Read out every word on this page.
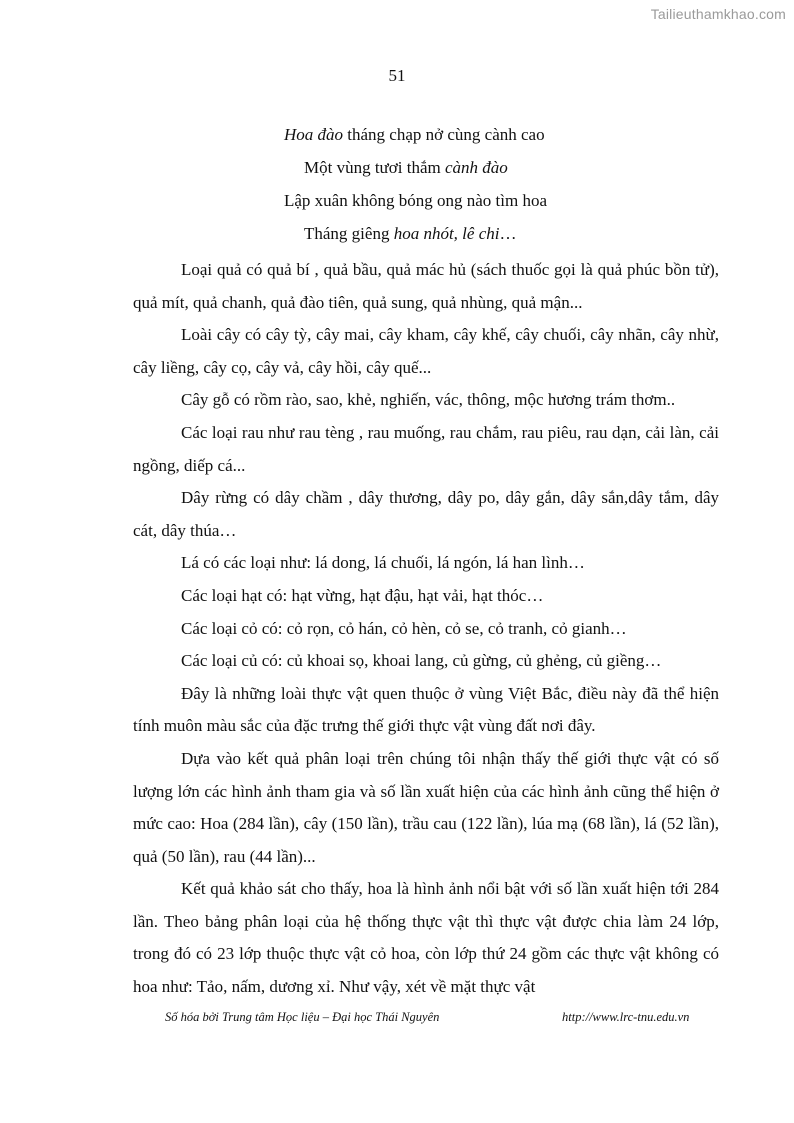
Tailieuthamkhao.com
51
Hoa đào tháng chạp nở cùng cành cao
Một vùng tươi thắm cành đào
Lập xuân không bóng ong nào tìm hoa
Tháng giêng hoa nhót, lê chi…

Loại quả có quả bí , quả bầu, quả mác hủ (sách thuốc gọi là quả phúc bồn tử), quả mít, quả chanh, quả đào tiên, quả sung, quả nhùng, quả mận...

Loài cây có cây tỳ, cây mai, cây kham, cây khế, cây chuối, cây nhãn, cây nhừ, cây liềng, cây cọ, cây vả, cây hồi, cây quế...

Cây gỗ có rồm rào, sao, khẻ, nghiến, vác, thông, mộc hương trám thơm..

Các loại rau như rau tèng , rau muống, rau chắm, rau piêu, rau dạn, cải làn, cải ngồng, diếp cá...

Dây rừng có dây chầm , dây thương, dây po, dây gắn, dây sắn,dây tắm, dây cát, dây thúa…

Lá có các loại như: lá dong, lá chuối, lá ngón, lá han lình…

Các loại hạt có: hạt vừng, hạt đậu, hạt vải, hạt thóc…

Các loại cỏ có: cỏ rọn, cỏ hán, cỏ hèn, cỏ se, cỏ tranh, cỏ gianh…

Các loại củ có: củ khoai sọ, khoai lang, củ gừng, củ ghẻng, củ giềng…

Đây là những loài thực vật quen thuộc ở vùng Việt Bắc, điều này đã thể hiện tính muôn màu sắc của đặc trưng thế giới thực vật vùng đất nơi đây.

Dựa vào kết quả phân loại trên chúng tôi nhận thấy thế giới thực vật có số lượng lớn các hình ảnh tham gia và số lần xuất hiện của các hình ảnh cũng thể hiện ở mức cao: Hoa (284 lần), cây (150 lần), trầu cau (122 lần), lúa mạ (68 lần), lá (52 lần), quả (50 lần), rau (44 lần)...

Kết quả khảo sát cho thấy, hoa là hình ảnh nổi bật với số lần xuất hiện tới 284 lần. Theo bảng phân loại của hệ thống thực vật thì thực vật được chia làm 24 lớp, trong đó có 23 lớp thuộc thực vật cỏ hoa, còn lớp thứ 24 gồm các thực vật không có hoa như: Tảo, nấm, dương xỉ. Như vậy, xét về mặt thực vật

Số hóa bởi Trung tâm Học liệu – Đại học Thái Nguyên	http://www.lrc-tnu.edu.vn
